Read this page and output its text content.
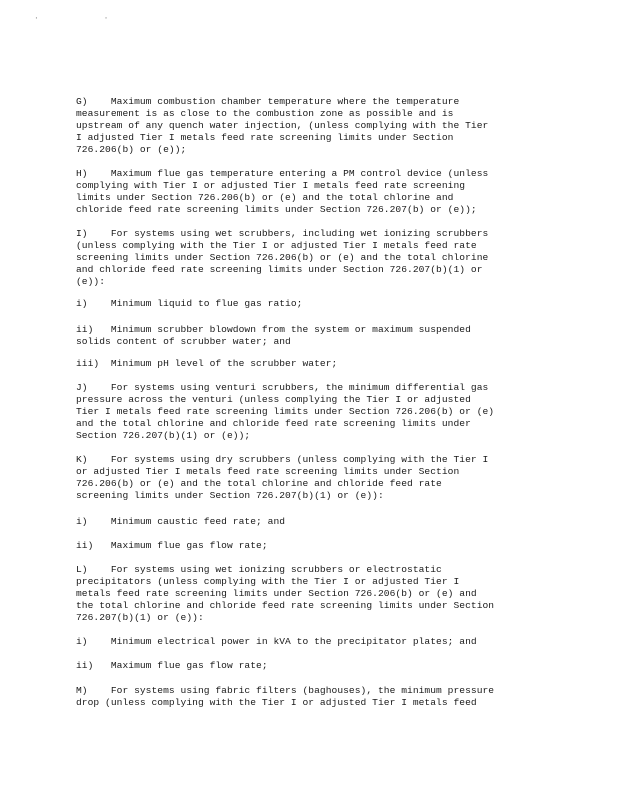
· ·

G)    Maximum combustion chamber temperature where the temperature
measurement is as close to the combustion zone as possible and is
upstream of any quench water injection, (unless complying with the Tier
I adjusted Tier I metals feed rate screening limits under Section
726.206(b) or (e));

H)    Maximum flue gas temperature entering a PM control device (unless
complying with Tier I or adjusted Tier I metals feed rate screening
limits under Section 726.206(b) or (e) and the total chlorine and
chloride feed rate screening limits under Section 726.207(b) or (e));

I)    For systems using wet scrubbers, including wet ionizing scrubbers
(unless complying with the Tier I or adjusted Tier I metals feed rate
screening limits under Section 726.206(b) or (e) and the total chlorine
and chloride feed rate screening limits under Section 726.207(b)(1) or
(e)):

i)    Minimum liquid to flue gas ratio;

ii)   Minimum scrubber blowdown from the system or maximum suspended
solids content of scrubber water; and

iii)  Minimum pH level of the scrubber water;

J)    For systems using venturi scrubbers, the minimum differential gas
pressure across the venturi (unless complying the Tier I or adjusted
Tier I metals feed rate screening limits under Section 726.206(b) or (e)
and the total chlorine and chloride feed rate screening limits under
Section 726.207(b)(1) or (e));

K)    For systems using dry scrubbers (unless complying with the Tier I
or adjusted Tier I metals feed rate screening limits under Section
726.206(b) or (e) and the total chlorine and chloride feed rate
screening limits under Section 726.207(b)(1) or (e)):

i)    Minimum caustic feed rate; and

ii)   Maximum flue gas flow rate;

L)    For systems using wet ionizing scrubbers or electrostatic
precipitators (unless complying with the Tier I or adjusted Tier I
metals feed rate screening limits under Section 726.206(b) or (e) and
the total chlorine and chloride feed rate screening limits under Section
726.207(b)(1) or (e)):

i)    Minimum electrical power in kVA to the precipitator plates; and

ii)   Maximum flue gas flow rate;

M)    For systems using fabric filters (baghouses), the minimum pressure
drop (unless complying with the Tier I or adjusted Tier I metals feed
